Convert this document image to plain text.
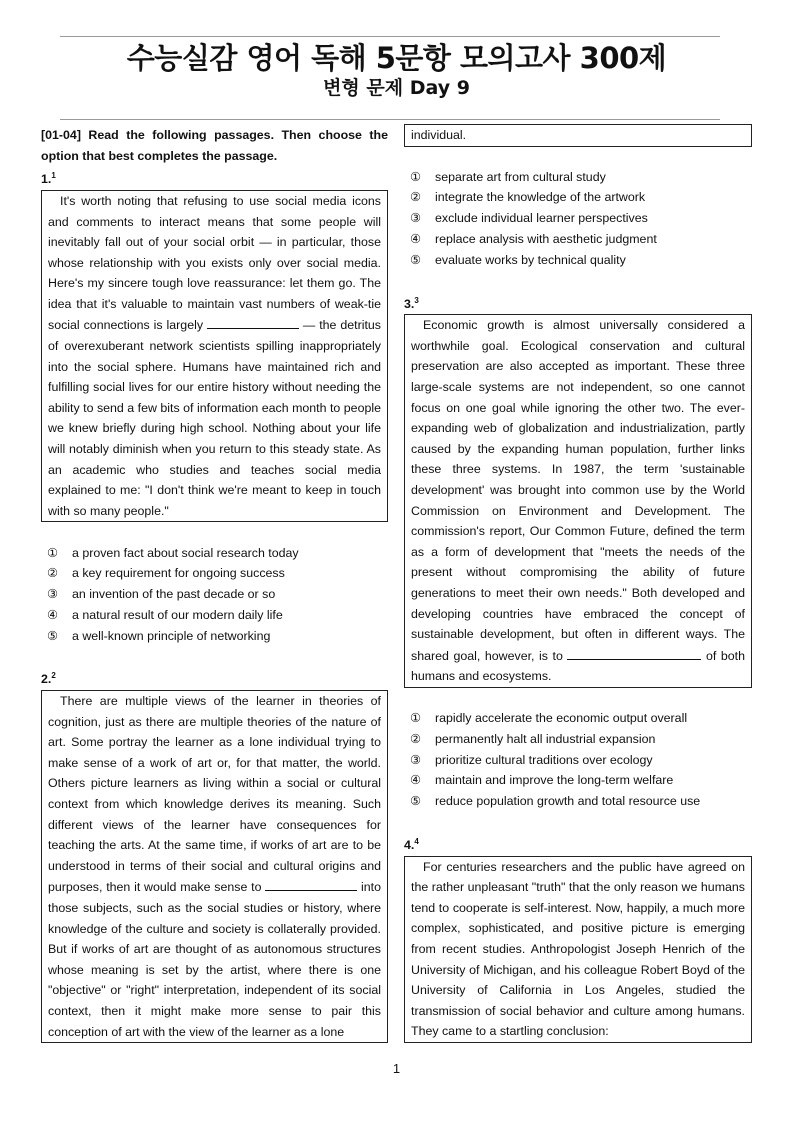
수능실감 영어 독해 5문항 모의고사 300제
변형 문제 Day 9
[01-04] Read the following passages. Then choose the
option that best completes the passage.
1.$^1$

It's worth noting that refusing to use social media icons and comments to interact means that some people will inevitably fall out of your social orbit — in particular, those whose relationship with you exists only over social media. Here's my sincere tough love reassurance: let them go. The idea that it's valuable to maintain vast numbers of weak-tie social connections is largely	— the detritus of overexuberant network scientists spilling inappropriately into the social sphere. Humans have maintained rich and fulfilling social lives for our entire history without needing the ability to send a few bits of information each month to people we knew briefly during high school. Nothing about your life will notably diminish when you return to this steady state. As an academic who studies and teaches social media explained to me: "I don't think we're meant to keep in touch with so many people."

①	a proven fact about social research today
②	a key requirement for ongoing success
③	an invention of the past decade or so
④	a natural result of our modern daily life
⑤	a well-known principle of networking
2.$^2$

There are multiple views of the learner in theories of cognition, just as there are multiple theories of the nature of art. Some portray the learner as a lone individual trying to make sense of a work of art or, for that matter, the world. Others picture learners as living within a social or cultural context from which knowledge derives its meaning. Such different views of the learner have consequences for teaching the arts. At the same time, if works of art are to be understood in terms of their social and cultural origins and purposes, then it would make sense to	into those subjects, such as the social studies or history, where knowledge of the culture and society is collaterally provided. But if works of art are thought of as autonomous structures whose meaning is set by the artist, where there is one "objective" or "right" interpretation, independent of its social context, then it might make more sense to pair this conception of art with the view of the learner as a lone

individual.
①	separate art from cultural study
②	integrate the knowledge of the artwork
③	exclude individual learner perspectives
④	replace analysis with aesthetic judgment
⑤	evaluate works by technical quality
3.$^3$

Economic growth is almost universally considered a worthwhile goal. Ecological conservation and cultural preservation are also accepted as important. These three large-scale systems are not independent, so one cannot focus on one goal while ignoring the other two. The ever-expanding web of globalization and industrialization, partly caused by the expanding human population, further links these three systems. In 1987, the term 'sustainable development' was brought into common use by the World Commission on Environment and Development. The commission's report, Our Common Future, defined the term as a form of development that "meets the needs of the present without compromising the ability of future generations to meet their own needs." Both developed and developing countries have embraced the concept of sustainable development, but often in different ways. The shared goal, however, is to	of both humans and ecosystems.

①	rapidly accelerate the economic output overall
②	permanently halt all industrial expansion
③	prioritize cultural traditions over ecology
④	maintain and improve the long-term welfare
⑤	reduce population growth and total resource use
4.$^4$

For centuries researchers and the public have agreed on the rather unpleasant "truth" that the only reason we humans tend to cooperate is self-interest. Now, happily, a much more complex, sophisticated, and positive picture is emerging from recent studies. Anthropologist Joseph Henrich of the University of Michigan, and his colleague Robert Boyd of the University of California in Los Angeles, studied the transmission of social behavior and culture among humans. They came to a startling conclusion:

1
